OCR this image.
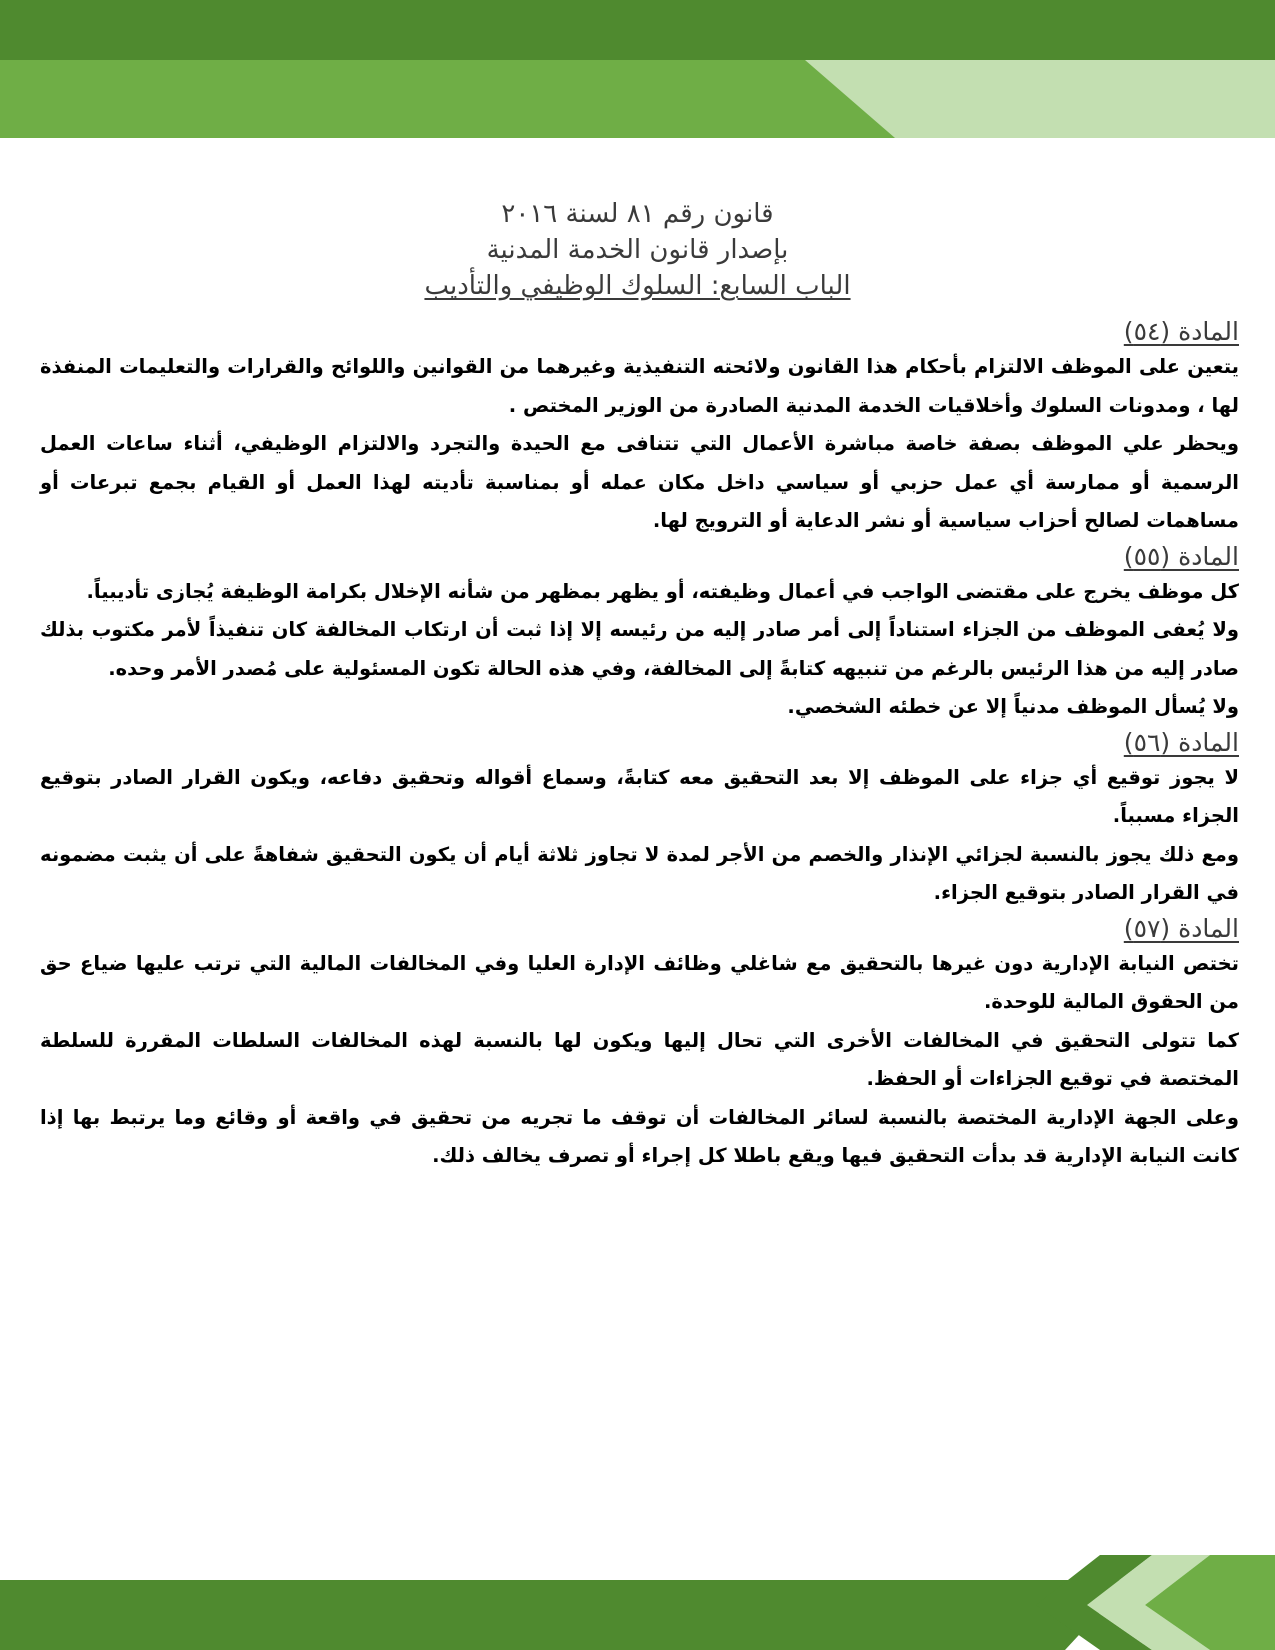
قانون رقم ٨١ لسنة ٢٠١٦
بإصدار قانون الخدمة المدنية
الباب السابع: السلوك الوظيفي والتأديب

المادة (٥٤)

يتعين على الموظف الالتزام بأحكام هذا القانون ولائحته التنفيذية وغيرهما من القوانين واللوائح والقرارات والتعليمات المنفذة لها ، ومدونات السلوك وأخلاقيات الخدمة المدنية الصادرة من الوزير المختص .

ويحظر علي الموظف بصفة خاصة مباشرة الأعمال التي تتنافى مع الحيدة والتجرد والالتزام الوظيفي، أثناء ساعات العمل الرسمية أو ممارسة أي عمل حزبي أو سياسي داخل مكان عمله أو بمناسبة تأديته لهذا العمل أو القيام بجمع تبرعات أو مساهمات لصالح أحزاب سياسية أو نشر الدعاية أو الترويج لها.

المادة (٥٥)

كل موظف يخرج على مقتضى الواجب في أعمال وظيفته، أو يظهر بمظهر من شأنه الإخلال بكرامة الوظيفة يُجازى تأديبياً.

ولا يُعفى الموظف من الجزاء استناداً إلى أمر صادر إليه من رئيسه إلا إذا ثبت أن ارتكاب المخالفة كان تنفيذاً لأمر مكتوب بذلك صادر إليه من هذا الرئيس بالرغم من تنبيهه كتابةً إلى المخالفة، وفي هذه الحالة تكون المسئولية على مُصدر الأمر وحده.

ولا يُسأل الموظف مدنياً إلا عن خطئه الشخصي.

المادة (٥٦)

لا يجوز توقيع أي جزاء على الموظف إلا بعد التحقيق معه كتابةً، وسماع أقواله وتحقيق دفاعه، ويكون القرار الصادر بتوقيع الجزاء مسبباً.

ومع ذلك يجوز بالنسبة لجزائي الإنذار والخصم من الأجر لمدة لا تجاوز ثلاثة أيام أن يكون التحقيق شفاهةً على أن يثبت مضمونه في القرار الصادر بتوقيع الجزاء.

المادة (٥٧)

تختص النيابة الإدارية دون غيرها بالتحقيق مع شاغلي وظائف الإدارة العليا وفي المخالفات المالية التي ترتب عليها ضياع حق من الحقوق المالية للوحدة.

كما تتولى التحقيق في المخالفات الأخرى التي تحال إليها ويكون لها بالنسبة لهذه المخالفات السلطات المقررة للسلطة المختصة في توقيع الجزاءات أو الحفظ.

وعلى الجهة الإدارية المختصة بالنسبة لسائر المخالفات أن توقف ما تجريه من تحقيق في واقعة أو وقائع وما يرتبط بها إذا كانت النيابة الإدارية قد بدأت التحقيق فيها ويقع باطلا كل إجراء أو تصرف يخالف ذلك.
